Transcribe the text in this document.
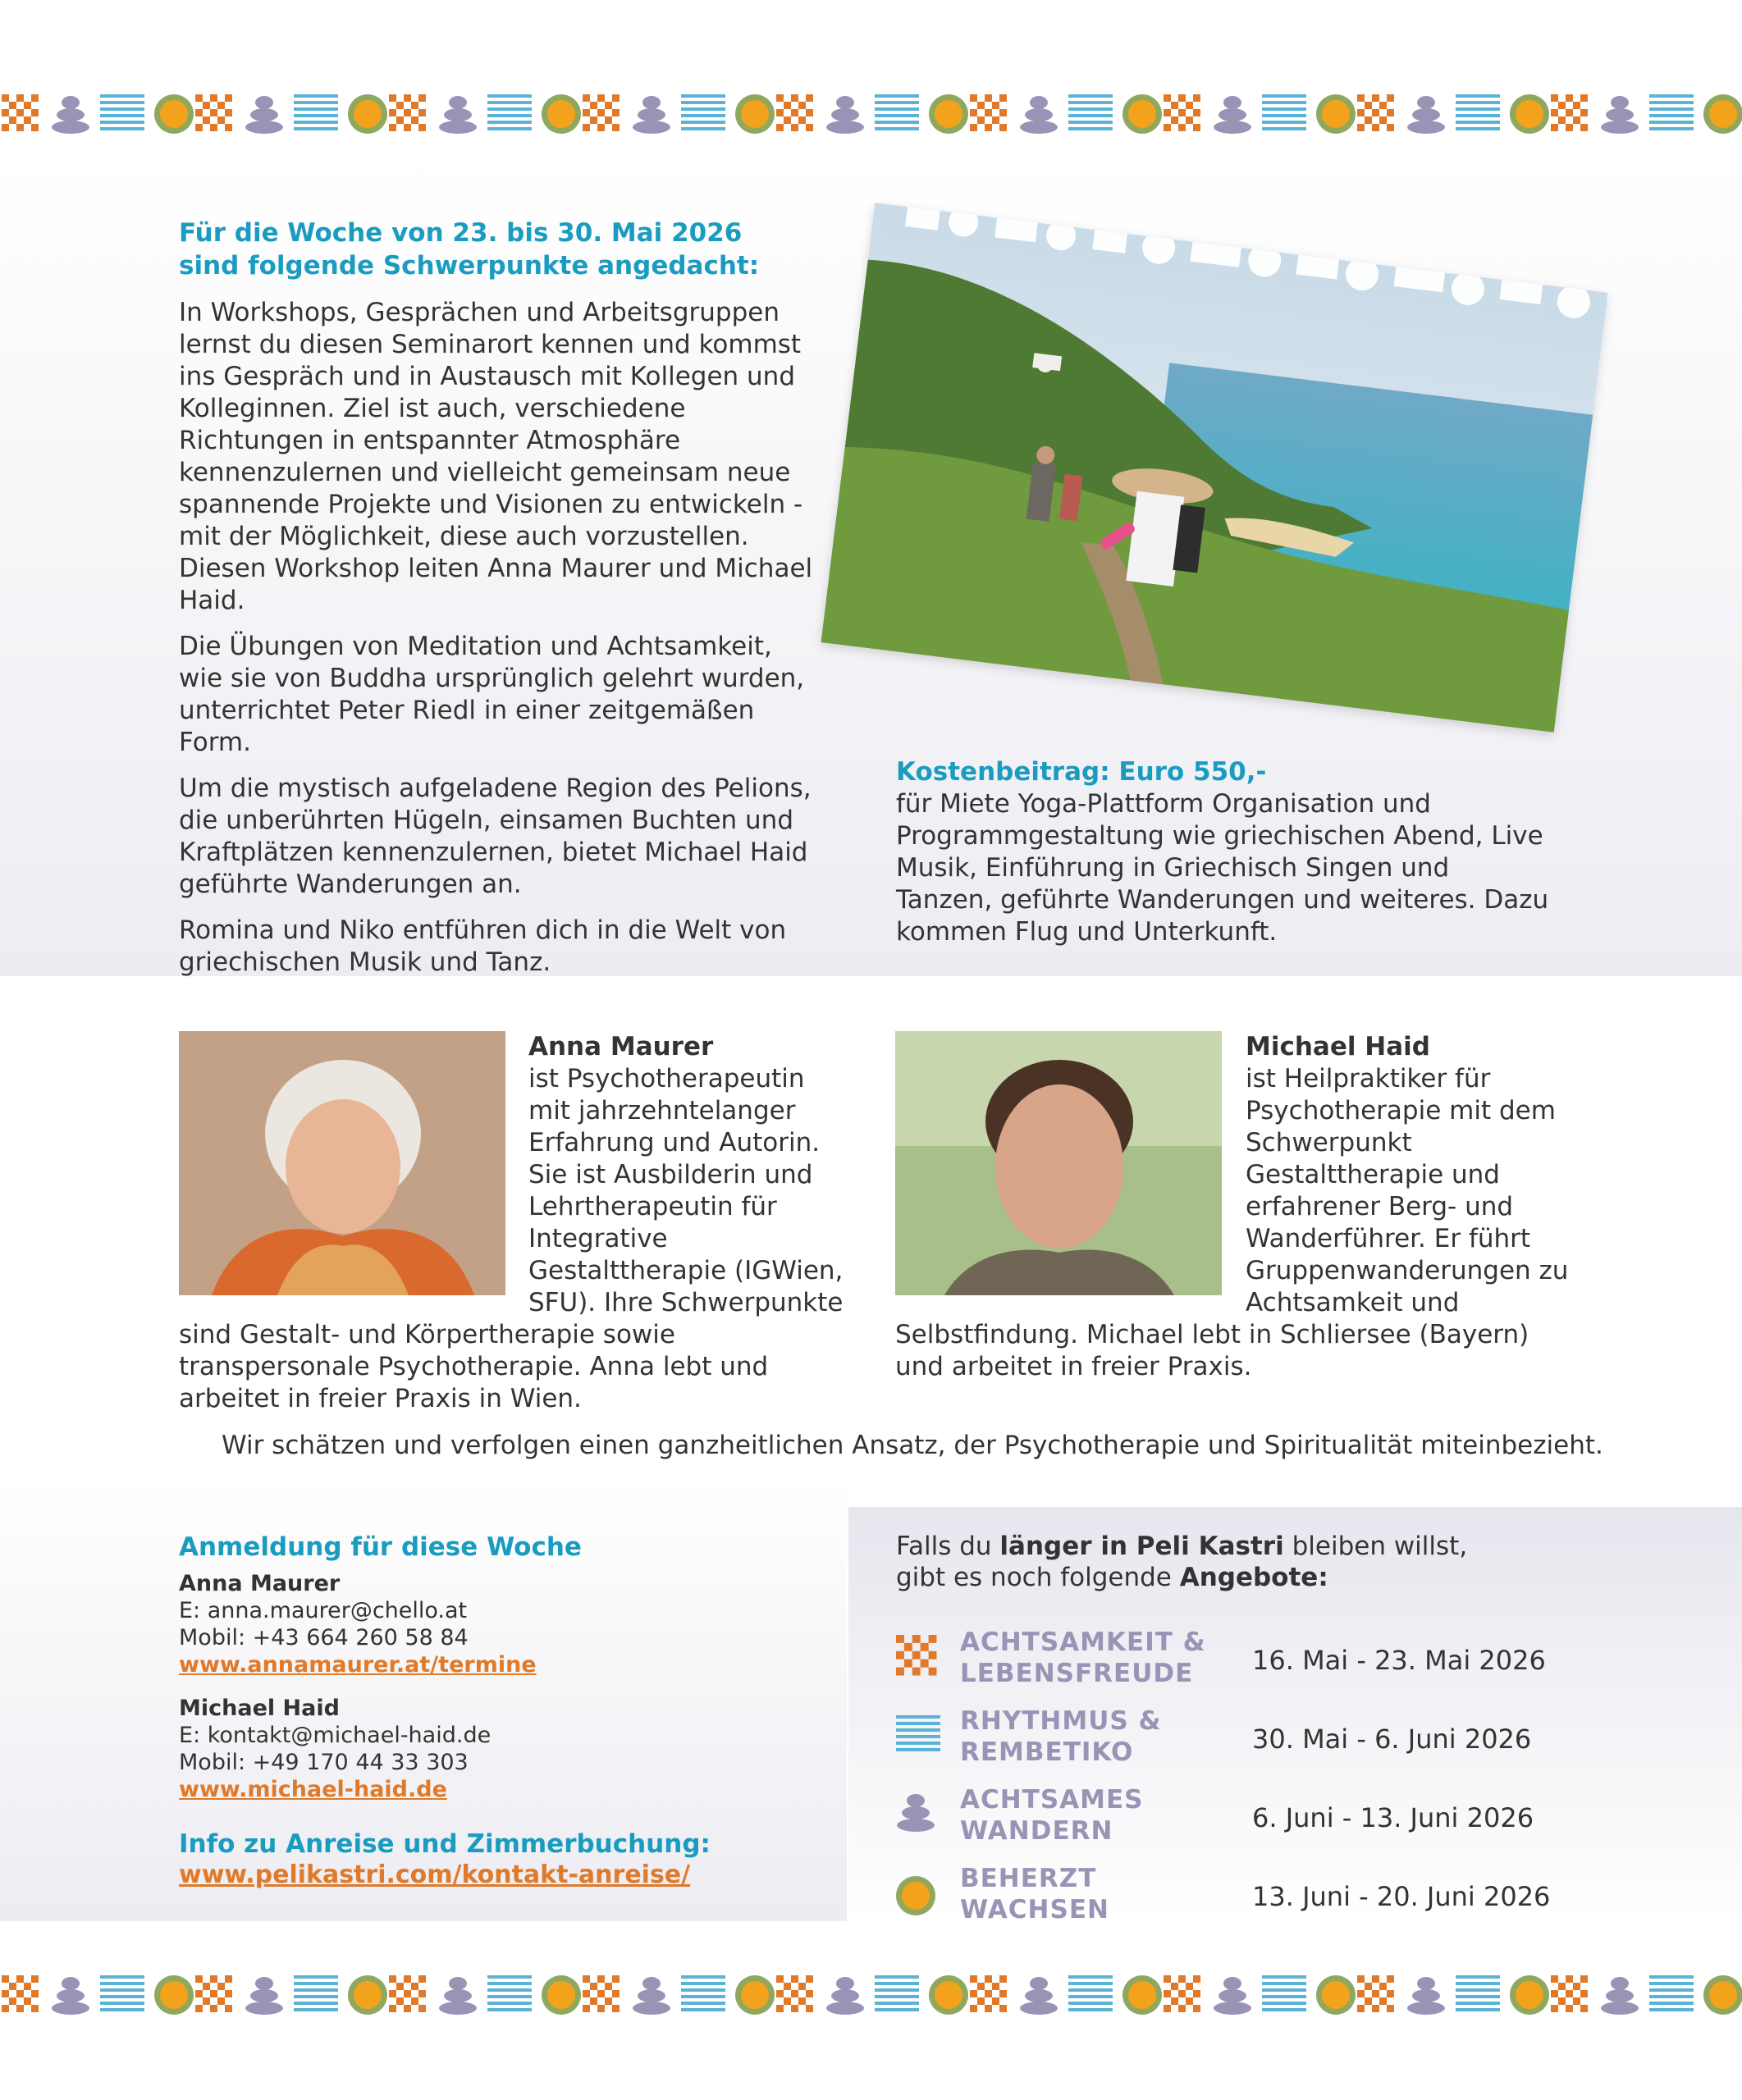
Für die Woche von 23. bis 30. Mai 2026
sind folgende Schwerpunkte angedacht:

In Workshops, Gesprächen und Arbeitsgruppen lernst du diesen Seminarort kennen und kommst ins Gespräch und in Austausch mit Kollegen und Kolleginnen. Ziel ist auch, verschiedene Richtungen in entspannter Atmosphäre kennenzulernen und vielleicht gemeinsam neue spannende Projekte und Visionen zu entwickeln - mit der Möglichkeit, diese auch vorzustellen. Diesen Workshop leiten Anna Maurer und Michael Haid.

Die Übungen von Meditation und Achtsamkeit, wie sie von Buddha ursprünglich gelehrt wurden, unterrichtet Peter Riedl in einer zeitgemäßen Form.

Um die mystisch aufgeladene Region des Pelions, die unberührten Hügeln, einsamen Buchten und Kraftplätzen kennenzulernen, bietet Michael Haid geführte Wanderungen an.

Romina und Niko entführen dich in die Welt von griechischen Musik und Tanz.

Kostenbeitrag: Euro 550,-
für Miete Yoga-Plattform Organisation und Programmgestaltung wie griechischen Abend, Live Musik, Einführung in Griechisch Singen und Tanzen, geführte Wanderungen und weiteres. Dazu kommen Flug und Unterkunft.
Anna Maurer
ist Psychotherapeutin mit jahrzehntelanger Erfahrung und Autorin. Sie ist Ausbilderin und Lehrtherapeutin für Integrative Gestalttherapie (IGWien, SFU). Ihre Schwerpunkte sind Gestalt- und Körpertherapie sowie transpersonale Psychotherapie. Anna lebt und arbeitet in freier Praxis in Wien.
Michael Haid
ist Heilpraktiker für Psychotherapie mit dem Schwerpunkt Gestalttherapie und erfahrener Berg- und Wanderführer. Er führt Gruppenwanderungen zu Achtsamkeit und Selbstfindung. Michael lebt in Schliersee (Bayern) und arbeitet in freier Praxis.
Wir schätzen und verfolgen einen ganzheitlichen Ansatz, der Psychotherapie und Spiritualität miteinbezieht.
Anmeldung für diese Woche
Anna Maurer
E: anna.maurer@chello.at
Mobil: +43 664 260 58 84
www.annamaurer.at/termine
Michael Haid
E: kontakt@michael-haid.de
Mobil: +49 170 44 33 303
www.michael-haid.de
Info zu Anreise und Zimmerbuchung:
www.pelikastri.com/kontakt-anreise/
Falls du länger in Peli Kastri bleiben willst,
gibt es noch folgende Angebote:
ACHTSAMKEIT &
LEBENSFREUDE	16. Mai - 23. Mai 2026
RHYTHMUS &
REMBETIKO	30. Mai - 6. Juni 2026
ACHTSAMES
WANDERN	6. Juni - 13. Juni 2026
BEHERZT
WACHSEN	13. Juni - 20. Juni 2026
